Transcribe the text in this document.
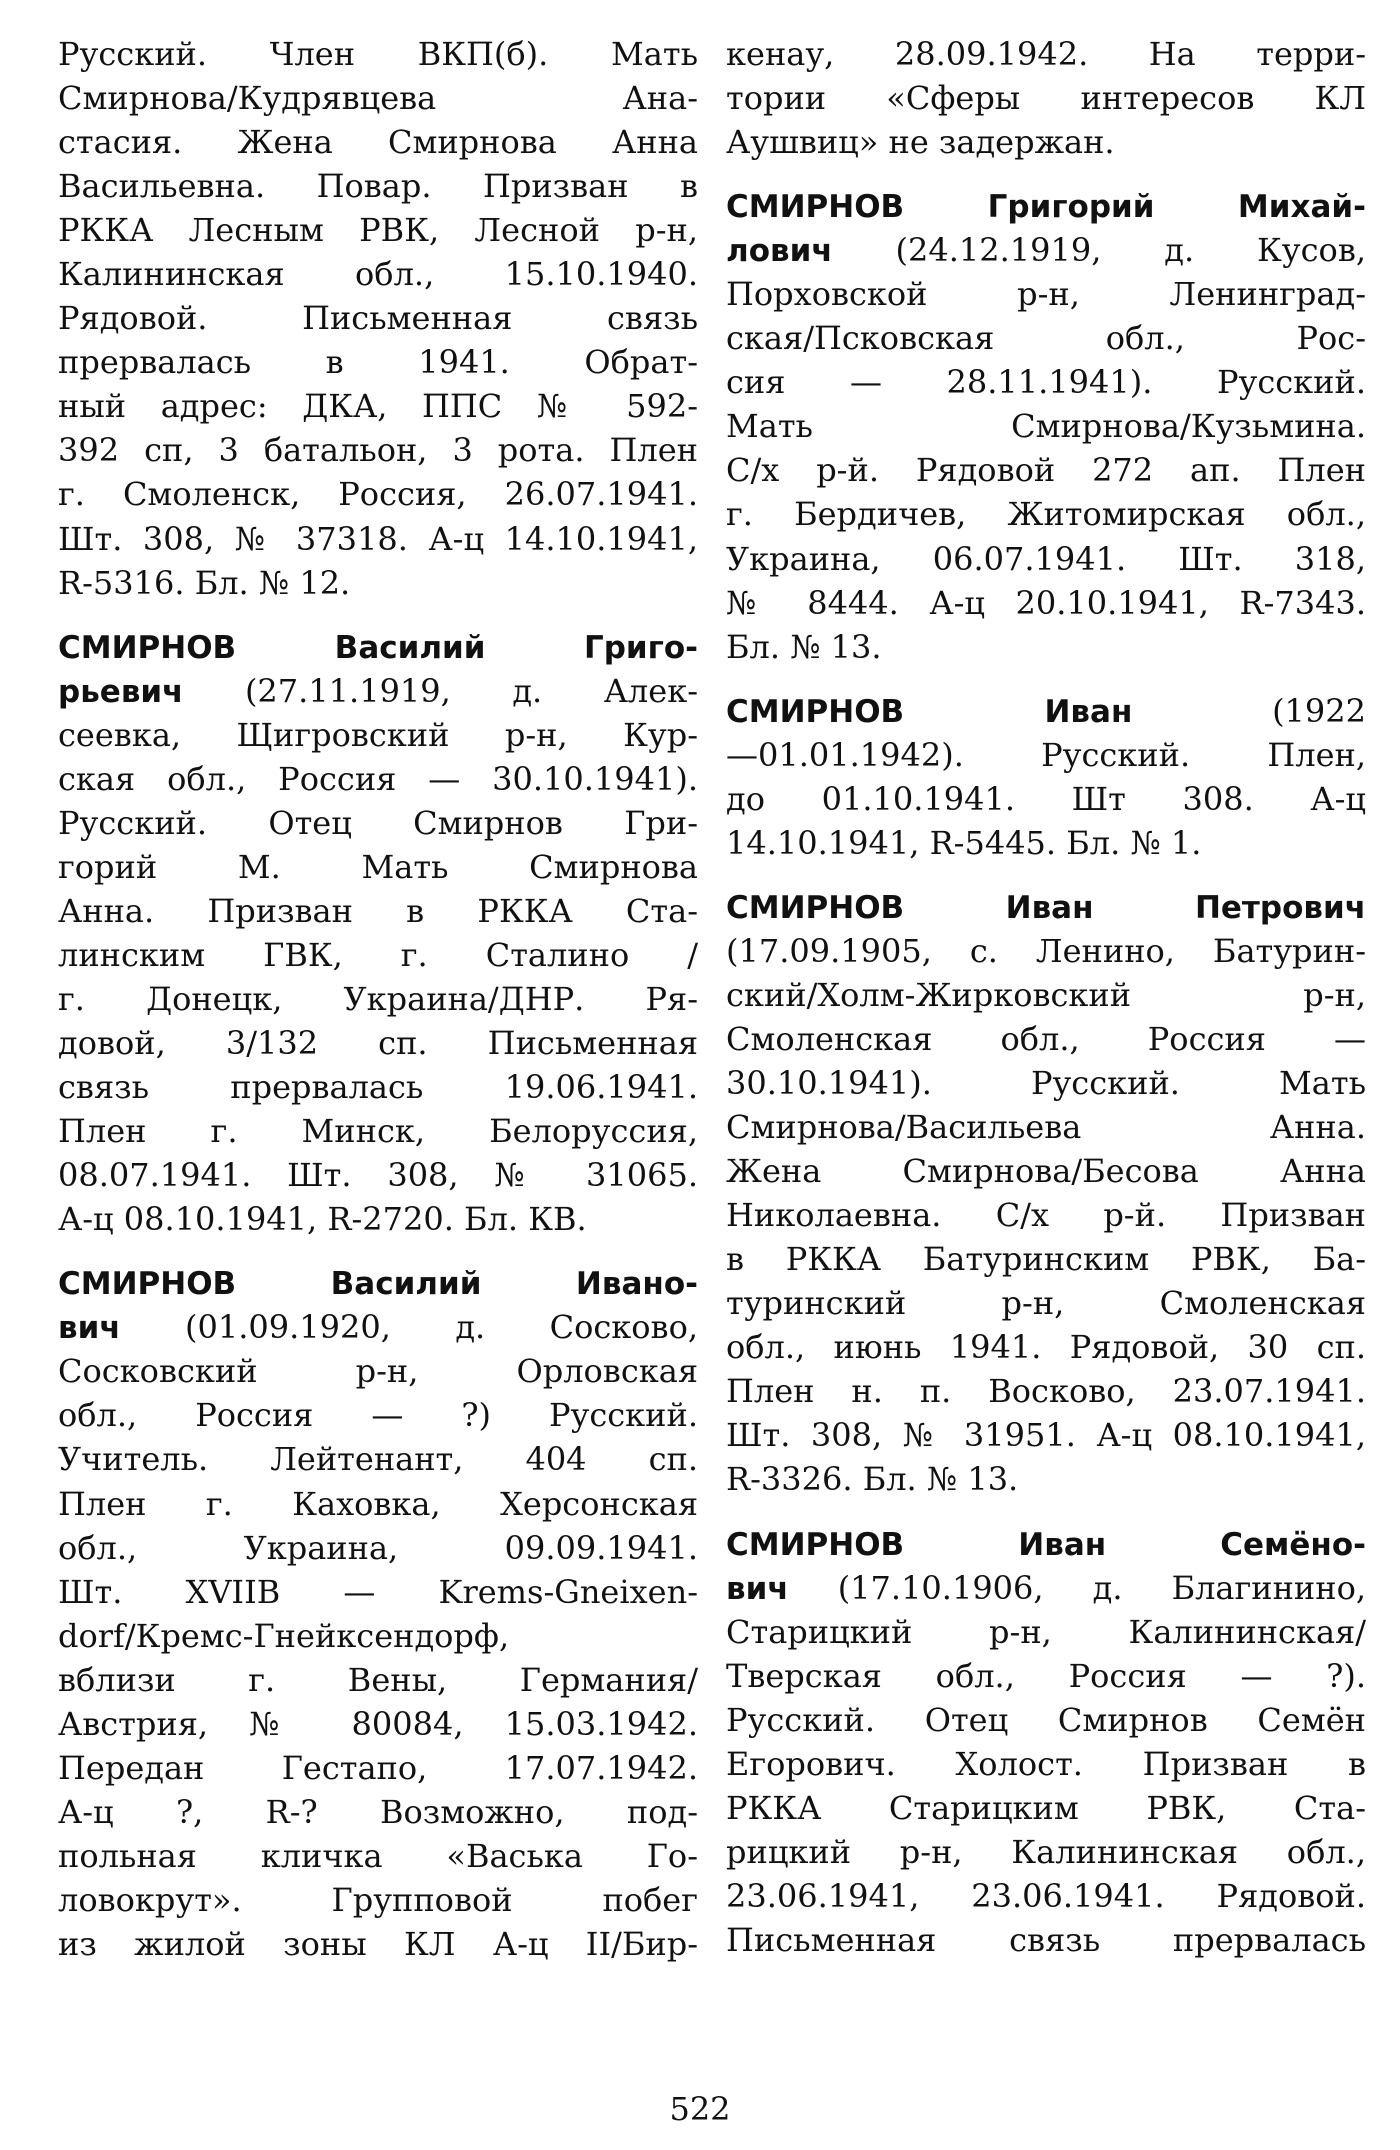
Русский. Член ВКП(б). Мать
Смирнова/Кудрявцева Ана-
стасия. Жена Смирнова Анна
Васильевна. Повар. Призван в
РККА Лесным РВК, Лесной р-н,
Калининская обл., 15.10.1940.
Рядовой. Письменная связь
прервалась в 1941. Обрат-
ный адрес: ДКА, ППС № 592-
392 сп, 3 батальон, 3 рота. Плен
г. Смоленск, Россия, 26.07.1941.
Шт. 308, № 37318. А-ц 14.10.1941,
R-5316. Бл. № 12.
СМИРНОВ Василий Григо-
рьевич (27.11.1919, д. Алек-
сеевка, Щигровский р-н, Кур-
ская обл., Россия — 30.10.1941).
Русский. Отец Смирнов Гри-
горий М. Мать Смирнова
Анна. Призван в РККА Ста-
линским ГВК, г. Сталино /
г. Донецк, Украина/ДНР. Ря-
довой, 3/132 сп. Письменная
связь прервалась 19.06.1941.
Плен г. Минск, Белоруссия,
08.07.1941. Шт. 308, № 31065.
А-ц 08.10.1941, R-2720. Бл. КВ.
СМИРНОВ Василий Ивано-
вич (01.09.1920, д. Сосково,
Сосковский р-н, Орловская
обл., Россия — ?) Русский.
Учитель. Лейтенант, 404 сп.
Плен г. Каховка, Херсонская
обл., Украина, 09.09.1941.
Шт. XVIIB — Krems-Gneixen-
dorf/Кремс-Гнейксендорф,
вблизи г. Вены, Германия/
Австрия, № 80084, 15.03.1942.
Передан Гестапо, 17.07.1942.
А-ц ?, R-? Возможно, под-
польная кличка «Васька Го-
ловокрут». Групповой побег
из жилой зоны КЛ А-ц II/Бир-
кенау, 28.09.1942. На терри-
тории «Сферы интересов КЛ
Аушвиц» не задержан.
СМИРНОВ Григорий Михай-
лович (24.12.1919, д. Кусов,
Порховской р-н, Ленинград-
ская/Псковская обл., Рос-
сия — 28.11.1941). Русский.
Мать Смирнова/Кузьмина.
С/х р-й. Рядовой 272 ап. Плен
г. Бердичев, Житомирская обл.,
Украина, 06.07.1941. Шт. 318,
№ 8444. А-ц 20.10.1941, R-7343.
Бл. № 13.
СМИРНОВ Иван (1922
—01.01.1942). Русский. Плен,
до 01.10.1941. Шт 308. А-ц
14.10.1941, R-5445. Бл. № 1.
СМИРНОВ Иван Петрович
(17.09.1905, с. Ленино, Батурин-
ский/Холм-Жирковский р-н,
Смоленская обл., Россия —
30.10.1941). Русский. Мать
Смирнова/Васильева Анна.
Жена Смирнова/Бесова Анна
Николаевна. С/х р-й. Призван
в РККА Батуринским РВК, Ба-
туринский р-н, Смоленская
обл., июнь 1941. Рядовой, 30 сп.
Плен н. п. Восково, 23.07.1941.
Шт. 308, № 31951. А-ц 08.10.1941,
R-3326. Бл. № 13.
СМИРНОВ Иван Семёно-
вич (17.10.1906, д. Благинино,
Старицкий р-н, Калининская/
Тверская обл., Россия — ?).
Русский. Отец Смирнов Семён
Егорович. Холост. Призван в
РККА Старицким РВК, Ста-
рицкий р-н, Калининская обл.,
23.06.1941, 23.06.1941. Рядовой.
Письменная связь прервалась
522
